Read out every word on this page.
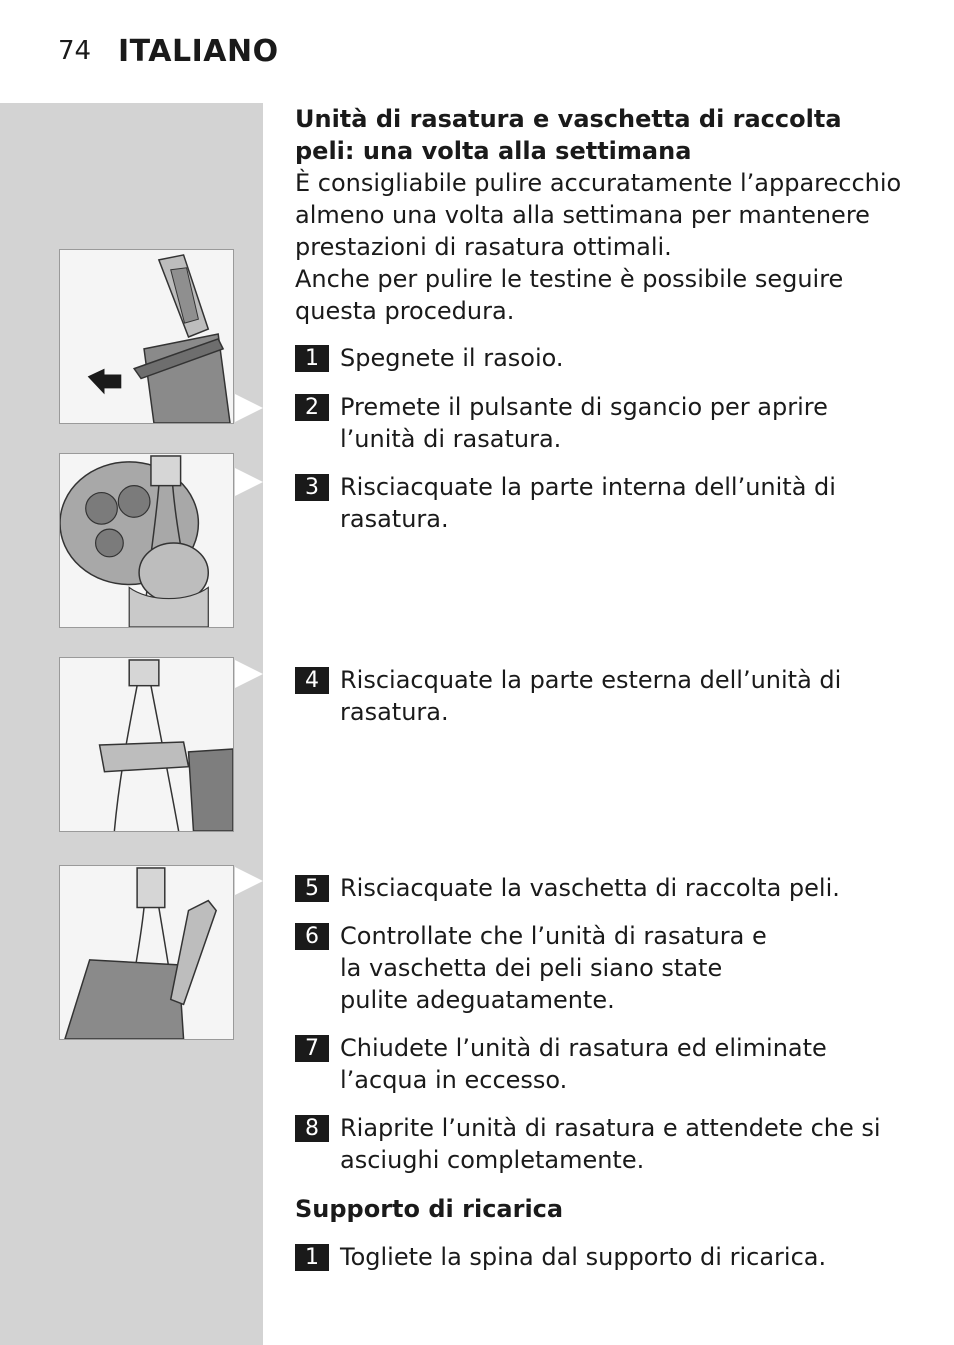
74 ITALIANO
Unità di rasatura e vaschetta di raccolta peli: una volta alla settimana

È consigliabile pulire accuratamente l’apparecchio almeno una volta alla settimana per mantenere prestazioni di rasatura ottimali.

Anche per pulire le testine è possibile seguire questa procedura.

1 Spegnete il rasoio.
2 Premete il pulsante di sgancio per aprire l’unità di rasatura.
3 Risciacquate la parte interna dell’unità di rasatura.
4 Risciacquate la parte esterna dell’unità di rasatura.
5 Risciacquate la vaschetta di raccolta peli.
6 Controllate che l’unità di rasatura e la vaschetta dei peli siano state pulite adeguatamente.
7 Chiudete l’unità di rasatura ed eliminate l’acqua in eccesso.
8 Riaprite l’unità di rasatura e attendete che si asciughi completamente.
Supporto di ricarica
1 Togliete la spina dal supporto di ricarica.
